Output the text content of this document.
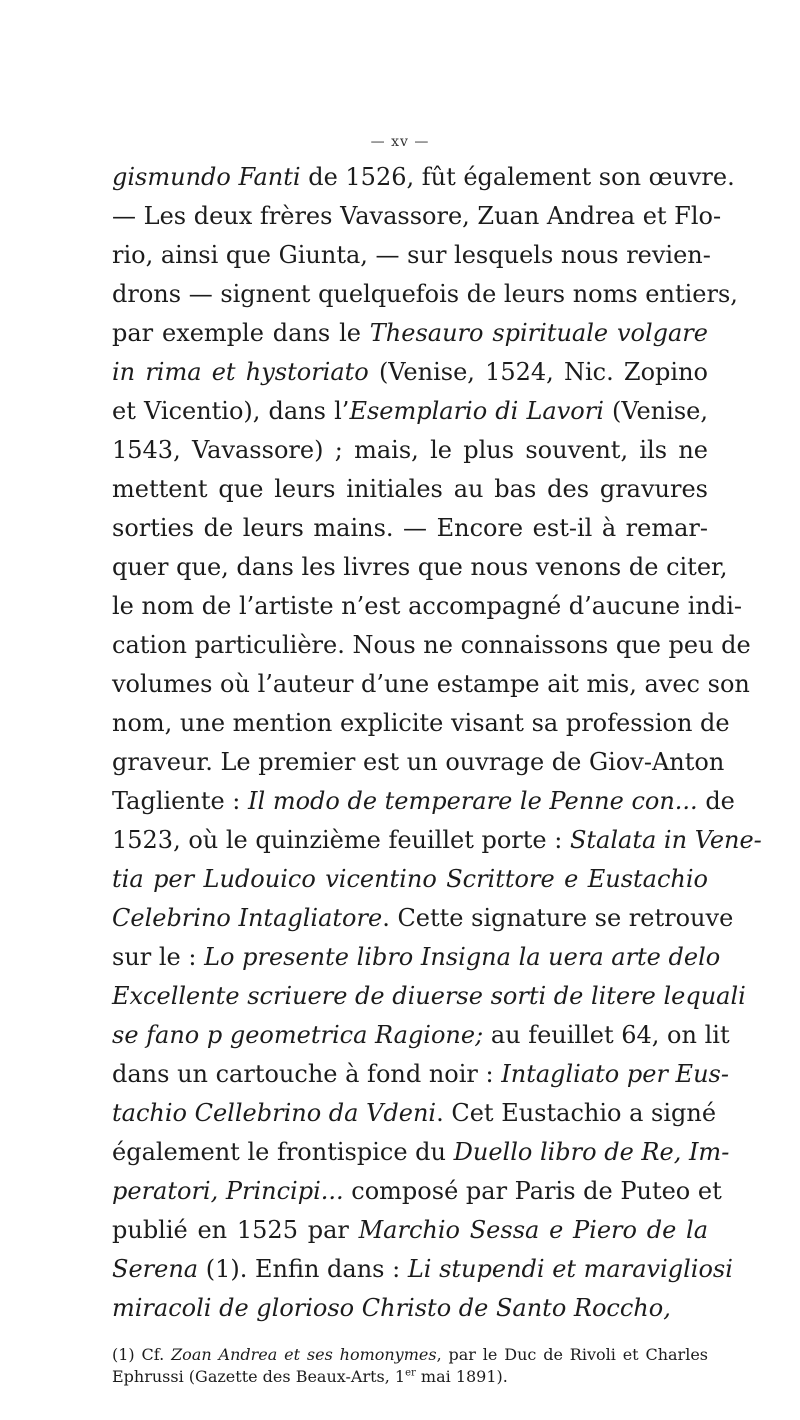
— xv —
gismundo Fanti de 1526, fût également son œuvre.
— Les deux frères Vavassore, Zuan Andrea et Flo-
rio, ainsi que Giunta, — sur lesquels nous revien-
drons — signent quelquefois de leurs noms entiers,
par exemple dans le Thesauro spirituale volgare
in rima et hystoriato (Venise, 1524, Nic. Zopino
et Vicentio), dans l’Esemplario di Lavori (Venise,
1543, Vavassore) ; mais, le plus souvent, ils ne
mettent que leurs initiales au bas des gravures
sorties de leurs mains. — Encore est-il à remar-
quer que, dans les livres que nous venons de citer,
le nom de l’artiste n’est accompagné d’aucune indi-
cation particulière. Nous ne connaissons que peu de
volumes où l’auteur d’une estampe ait mis, avec son
nom, une mention explicite visant sa profession de
graveur. Le premier est un ouvrage de Giov-Anton
Tagliente : Il modo de temperare le Penne con... de
1523, où le quinzième feuillet porte : Stalata in Vene-
tia per Ludouico vicentino Scrittore e Eustachio
Celebrino Intagliatore. Cette signature se retrouve
sur le : Lo presente libro Insigna la uera arte delo
Excellente scriuere de diuerse sorti de litere lequali
se fano p geometrica Ragione; au feuillet 64, on lit
dans un cartouche à fond noir : Intagliato per Eus-
tachio Cellebrino da Vdeni. Cet Eustachio a signé
également le frontispice du Duello libro de Re, Im-
peratori, Principi... composé par Paris de Puteo et
publié en 1525 par Marchio Sessa e Piero de la
Serena (1). Enfin dans : Li stupendi et maravigliosi
miracoli de glorioso Christo de Santo Roccho,
(1) Cf. Zoan Andrea et ses homonymes, par le Duc de Rivoli et Charles
Ephrussi (Gazette des Beaux-Arts, 1er mai 1891).
